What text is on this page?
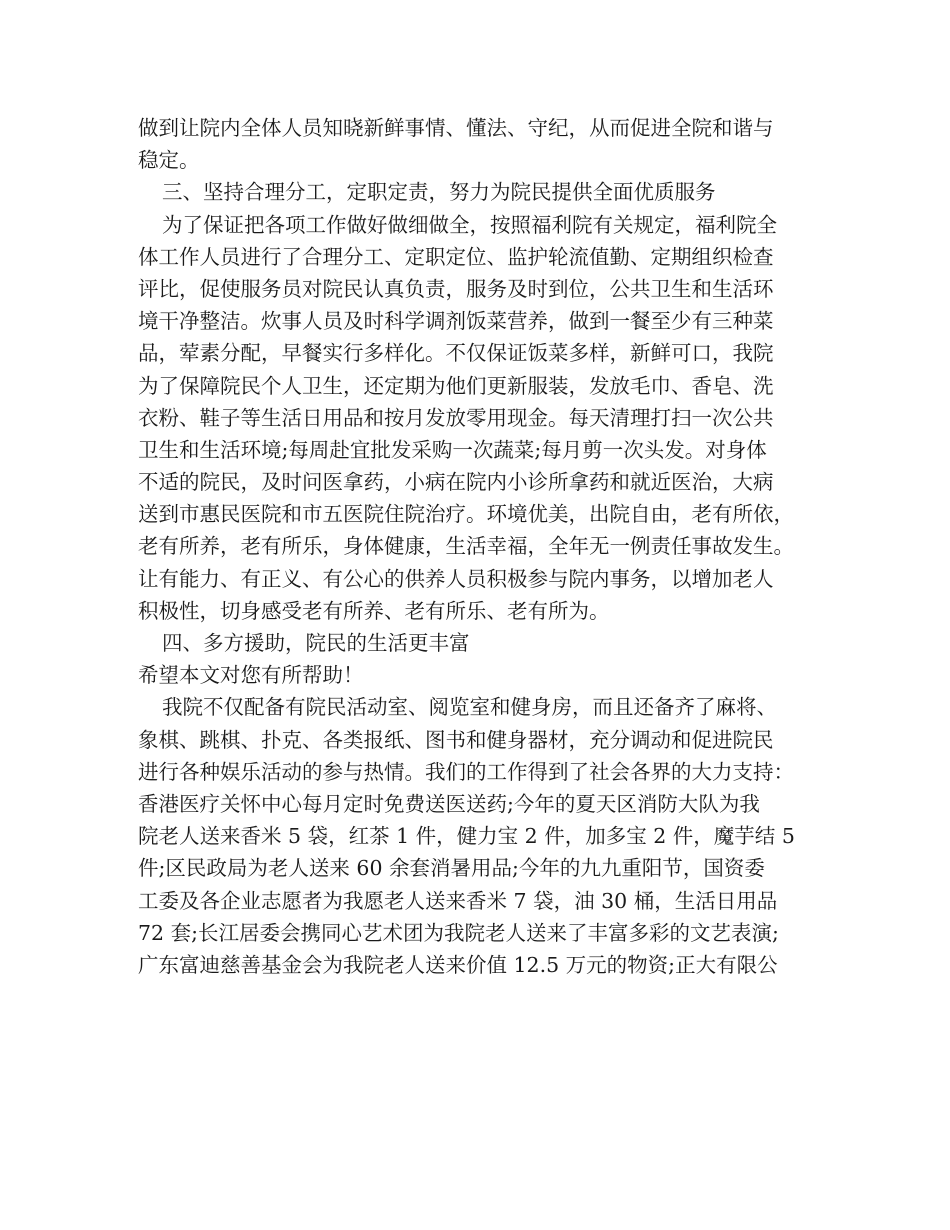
做到让院内全体人员知晓新鲜事情、懂法、守纪，从而促进全院和谐与
稳定。
三、坚持合理分工，定职定责，努力为院民提供全面优质服务
为了保证把各项工作做好做细做全，按照福利院有关规定，福利院全
体工作人员进行了合理分工、定职定位、监护轮流值勤、定期组织检查
评比，促使服务员对院民认真负责，服务及时到位，公共卫生和生活环
境干净整洁。炊事人员及时科学调剂饭菜营养，做到一餐至少有三种菜
品，荤素分配，早餐实行多样化。不仅保证饭菜多样，新鲜可口，我院
为了保障院民个人卫生，还定期为他们更新服装，发放毛巾、香皂、洗
衣粉、鞋子等生活日用品和按月发放零用现金。每天清理打扫一次公共
卫生和生活环境;每周赴宜批发采购一次蔬菜;每月剪一次头发。对身体
不适的院民，及时问医拿药，小病在院内小诊所拿药和就近医治，大病
送到市惠民医院和市五医院住院治疗。环境优美，出院自由，老有所依，
老有所养，老有所乐，身体健康，生活幸福，全年无一例责任事故发生。
让有能力、有正义、有公心的供养人员积极参与院内事务，以增加老人
积极性，切身感受老有所养、老有所乐、老有所为。
四、多方援助，院民的生活更丰富
希望本文对您有所帮助！
我院不仅配备有院民活动室、阅览室和健身房，而且还备齐了麻将、
象棋、跳棋、扑克、各类报纸、图书和健身器材，充分调动和促进院民
进行各种娱乐活动的参与热情。我们的工作得到了社会各界的大力支持：
香港医疗关怀中心每月定时免费送医送药;今年的夏天区消防大队为我
院老人送来香米 5 袋，红茶 1 件，健力宝 2 件，加多宝 2 件，魔芋结 5
件;区民政局为老人送来 60 余套消暑用品;今年的九九重阳节，国资委
工委及各企业志愿者为我愿老人送来香米 7 袋，油 30 桶，生活日用品
72 套;长江居委会携同心艺术团为我院老人送来了丰富多彩的文艺表演;
广东富迪慈善基金会为我院老人送来价值 12.5 万元的物资;正大有限公
